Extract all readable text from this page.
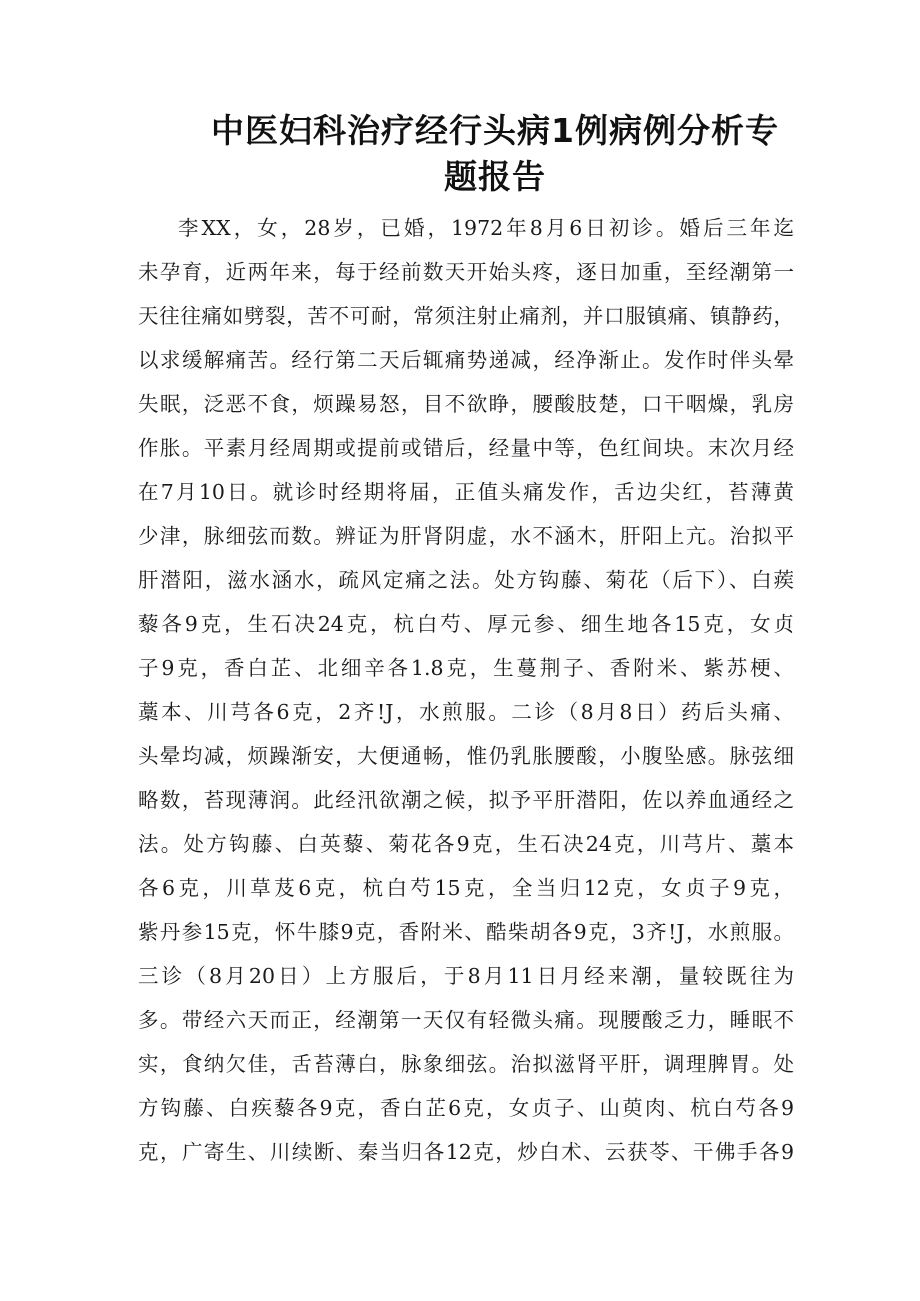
中医妇科治疗经行头病1例病例分析专
题报告
李XX，女，28岁，已婚，1972年8月6日初诊。婚后三年迄
未孕育，近两年来，每于经前数天开始头疼，逐日加重，至经潮第一
天往往痛如劈裂，苦不可耐，常须注射止痛剂，并口服镇痛、镇静药，
以求缓解痛苦。经行第二天后辄痛势递减，经净渐止。发作时伴头晕
失眠，泛恶不食，烦躁易怒，目不欲睁，腰酸肢楚，口干咽燥，乳房
作胀。平素月经周期或提前或错后，经量中等，色红间块。末次月经
在7月10日。就诊时经期将届，正值头痛发作，舌边尖红，苔薄黄
少津，脉细弦而数。辨证为肝肾阴虚，水不涵木，肝阳上亢。治拟平
肝潜阳，滋水涵水，疏风定痛之法。处方钩藤、菊花（后下）、白蒺
藜各9克，生石决24克，杭白芍、厚元参、细生地各15克，女贞
子9克，香白芷、北细辛各1.8克，生蔓荆子、香附米、紫苏梗、
藁本、川芎各6克，2齐!J，水煎服。二诊（8月8日）药后头痛、
头晕均减，烦躁渐安，大便通畅，惟仍乳胀腰酸，小腹坠感。脉弦细
略数，苔现薄润。此经汛欲潮之候，拟予平肝潜阳，佐以养血通经之
法。处方钩藤、白英藜、菊花各9克，生石决24克，川芎片、藁本
各6克，川草芨6克，杭白芍15克，全当归12克，女贞子9克，
紫丹参15克，怀牛膝9克，香附米、酷柴胡各9克，3齐!J，水煎服。
三诊（8月20日）上方服后，于8月11日月经来潮，量较既往为
多。带经六天而正，经潮第一天仅有轻微头痛。现腰酸乏力，睡眠不
实，食纳欠佳，舌苔薄白，脉象细弦。治拟滋肾平肝，调理脾胃。处
方钩藤、白疾藜各9克，香白芷6克，女贞子、山萸肉、杭白芍各9
克，广寄生、川续断、秦当归各12克，炒白术、云获苓、干佛手各9
